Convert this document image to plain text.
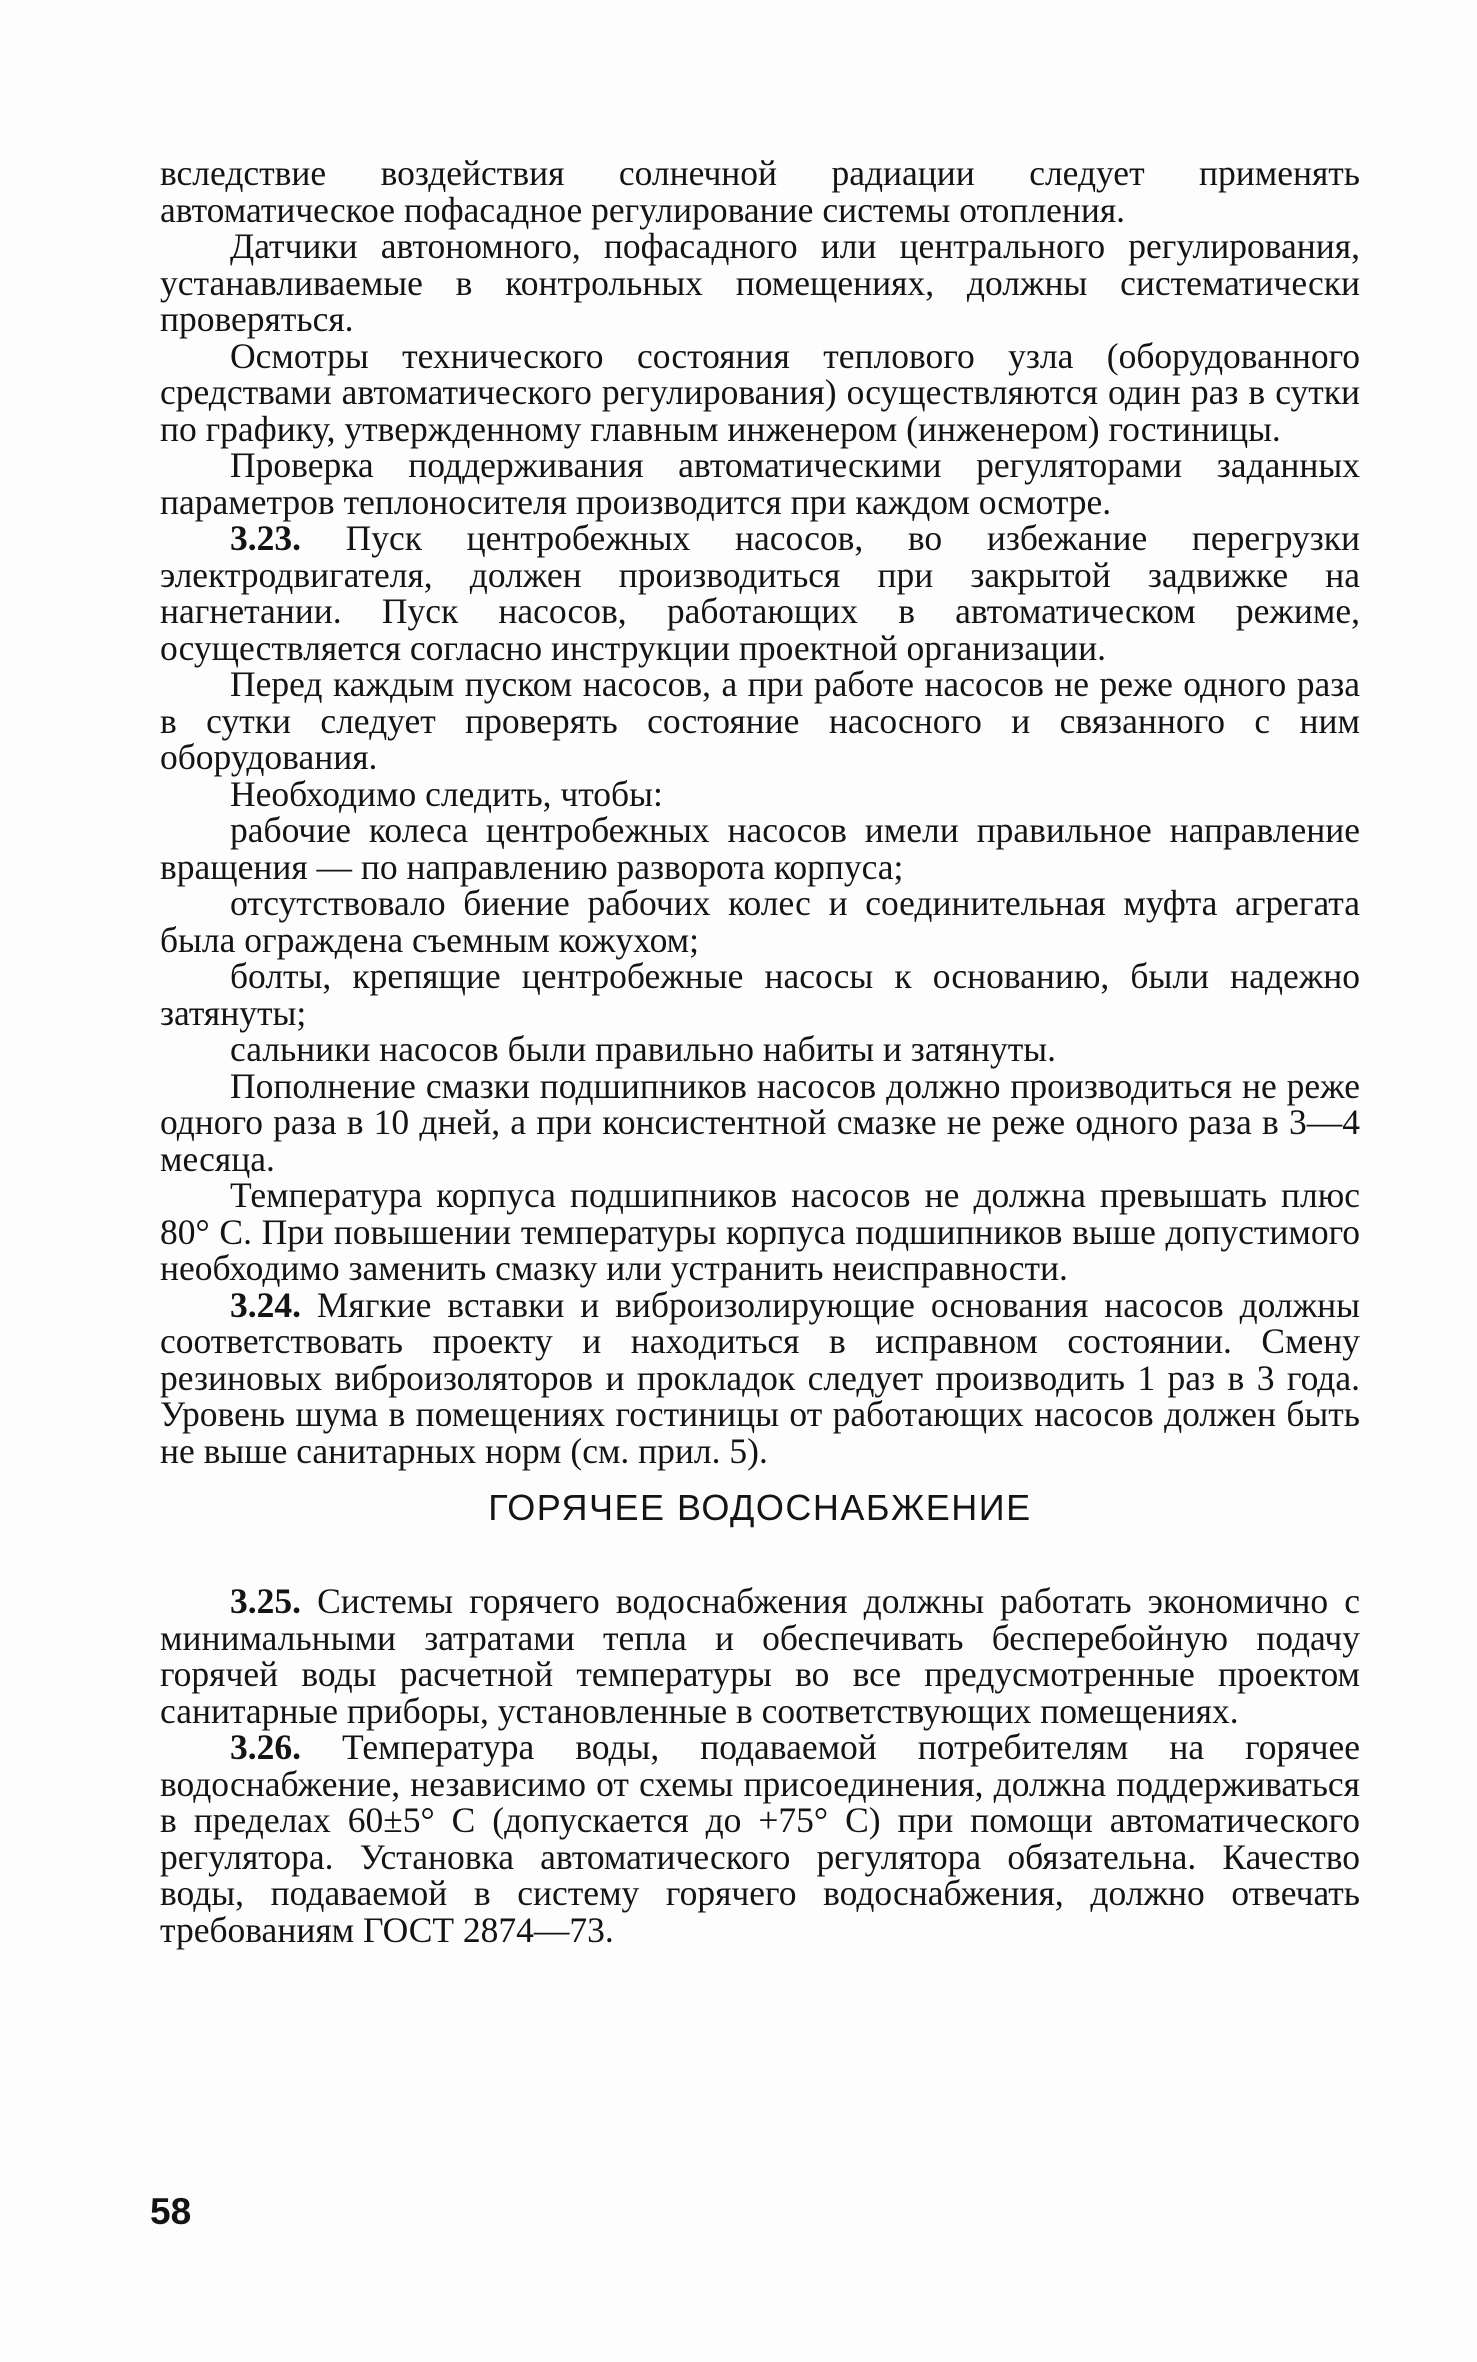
вследствие воздействия солнечной радиации следует применять автоматическое пофасадное регулирование системы отопления.

Датчики автономного, пофасадного или центрального регулирования, устанавливаемые в контрольных помещениях, должны систематически проверяться.

Осмотры технического состояния теплового узла (оборудованного средствами автоматического регулирования) осуществляются один раз в сутки по графику, утвержденному главным инженером (инженером) гостиницы.

Проверка поддерживания автоматическими регуляторами заданных параметров теплоносителя производится при каждом осмотре.

3.23. Пуск центробежных насосов, во избежание перегрузки электродвигателя, должен производиться при закрытой задвижке на нагнетании. Пуск насосов, работающих в автоматическом режиме, осуществляется согласно инструкции проектной организации.

Перед каждым пуском насосов, а при работе насосов не реже одного раза в сутки следует проверять состояние насосного и связанного с ним оборудования.

Необходимо следить, чтобы:

рабочие колеса центробежных насосов имели правильное направление вращения — по направлению разворота корпуса;

отсутствовало биение рабочих колес и соединительная муфта агрегата была ограждена съемным кожухом;

болты, крепящие центробежные насосы к основанию, были надежно затянуты;

сальники насосов были правильно набиты и затянуты.

Пополнение смазки подшипников насосов должно производиться не реже одного раза в 10 дней, а при консистентной смазке не реже одного раза в 3—4 месяца.

Температура корпуса подшипников насосов не должна превышать плюс 80° С. При повышении температуры корпуса подшипников выше допустимого необходимо заменить смазку или устранить неисправности.

3.24. Мягкие вставки и виброизолирующие основания насосов должны соответствовать проекту и находиться в исправном состоянии. Смену резиновых виброизоляторов и прокладок следует производить 1 раз в 3 года. Уровень шума в помещениях гостиницы от работающих насосов должен быть не выше санитарных норм (см. прил. 5).

ГОРЯЧЕЕ ВОДОСНАБЖЕНИЕ

3.25. Системы горячего водоснабжения должны работать экономично с минимальными затратами тепла и обеспечивать бесперебойную подачу горячей воды расчетной температуры во все предусмотренные проектом санитарные приборы, установленные в соответствующих помещениях.

3.26. Температура воды, подаваемой потребителям на горячее водоснабжение, независимо от схемы присоединения, должна поддерживаться в пределах 60±5° С (допускается до +75° С) при помощи автоматического регулятора. Установка автоматического регулятора обязательна. Качество воды, подаваемой в систему горячего водоснабжения, должно отвечать требованиям ГОСТ 2874—73.

58
